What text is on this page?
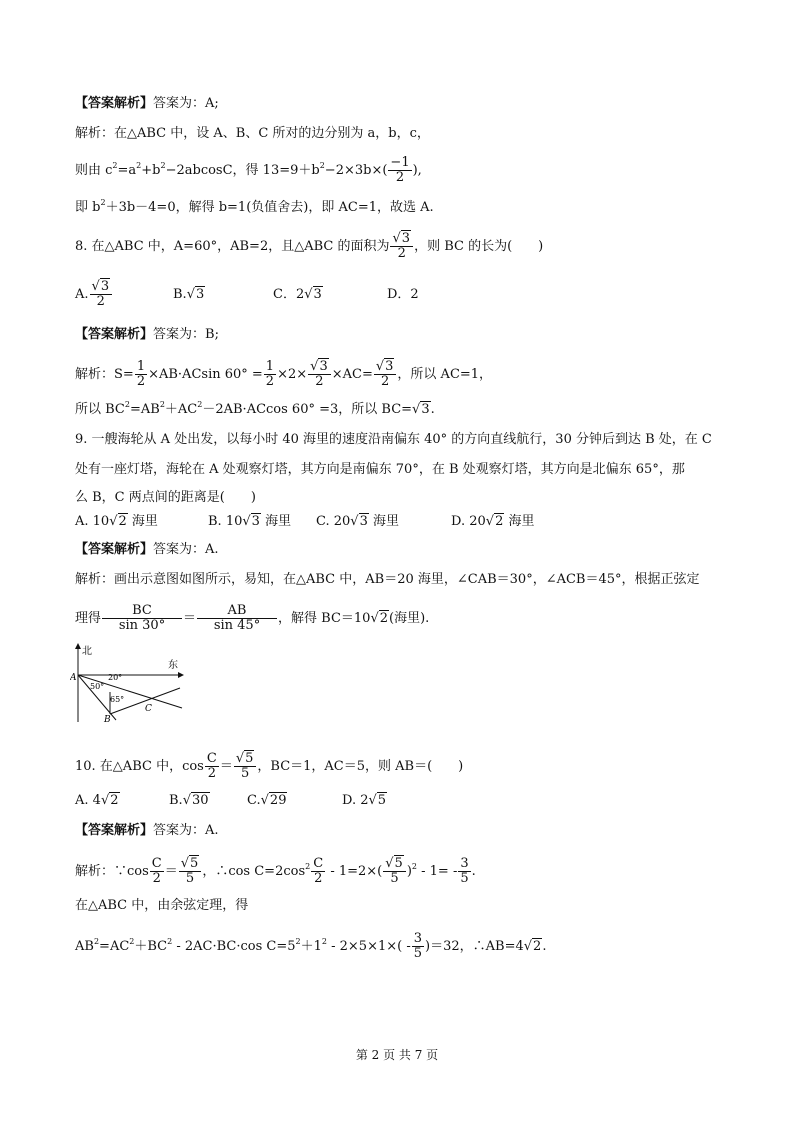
【答案解析】答案为：A;
解析：在△ABC 中，设 A、B、C 所对的边分别为 a，b，c，
则由 $c^2=a^2+b^2-2abcosC$，得 $13=9+b^2-2\times 3b\times( \frac{-1}{2}$ ),
即 $b^2+3b-4=0$，解得 b=1(负值舍去)，即 AC=1，故选 A.
8. 在△ABC 中，A=60°，AB=2，且△ABC 的面积为 $\frac{√3}{2}$ ，则 BC 的长为(　　)
A. $\frac{√3}{2}$	B.√3	C．2√3	D．2
【答案解析】答案为：B;
解析：$S= \frac{1}{2} \times AB\cdot ACsin$ $60^\circ = \frac{1}{2} \times 2\times \frac{√3}{2} \times AC= \frac{√3}{2}$ ，所以 AC=1，
所以 $BC^2=AB^2+AC^2-2AB\cdot ACcos$ 60° =3，所以 BC=√3.
9. 一艘海轮从 A 处出发，以每小时 40 海里的速度沿南偏东 40° 的方向直线航行，30 分钟后到达 B 处，在 C
处有一座灯塔，海轮在 A 处观察灯塔，其方向是南偏东 70°，在 B 处观察灯塔，其方向是北偏东 65°，那
么 B，C 两点间的距离是(　　)
A. 10√2 海里	B. 10√3 海里 C. 20√3 海里	D. 20√2 海里
【答案解析】答案为：A.
解析：画出示意图如图所示，易知，在△ABC 中，AB＝20 海里，∠CAB＝30°，∠ACB＝45°，根据正弦定
理得 $\frac{BC}{\sin 30^\circ} = \frac{AB}{\sin 45^\circ}$ ，解得 BC＝10√2(海里).
北
东
A
B
C
20°
50°
65°
10. 在△ABC 中，$\cos \frac{C}{2} = \frac{√5}{5}$ ，BC＝1，AC＝5，则 AB＝(　　)
A. 4√2	B.√30	C.√29	D. 2√5
【答案解析】答案为：A.
解析：∵cos $\frac{C}{2} = \frac{√5}{5}$ ，∴cos $C=2\cos^2 \frac{C}{2} - 1=2\times( \frac{√5}{5} )^2 - 1= - \frac{3}{5}$ .
在△ABC 中，由余弦定理，得
$AB^2=AC^2+BC^2 - 2AC\cdot BC\cdot\cos$ $C=5^2+1^2 - 2\times 5\times 1\times( - \frac{3}{5} )=32$，∴AB=4√2.
第 2 页 共 7 页
